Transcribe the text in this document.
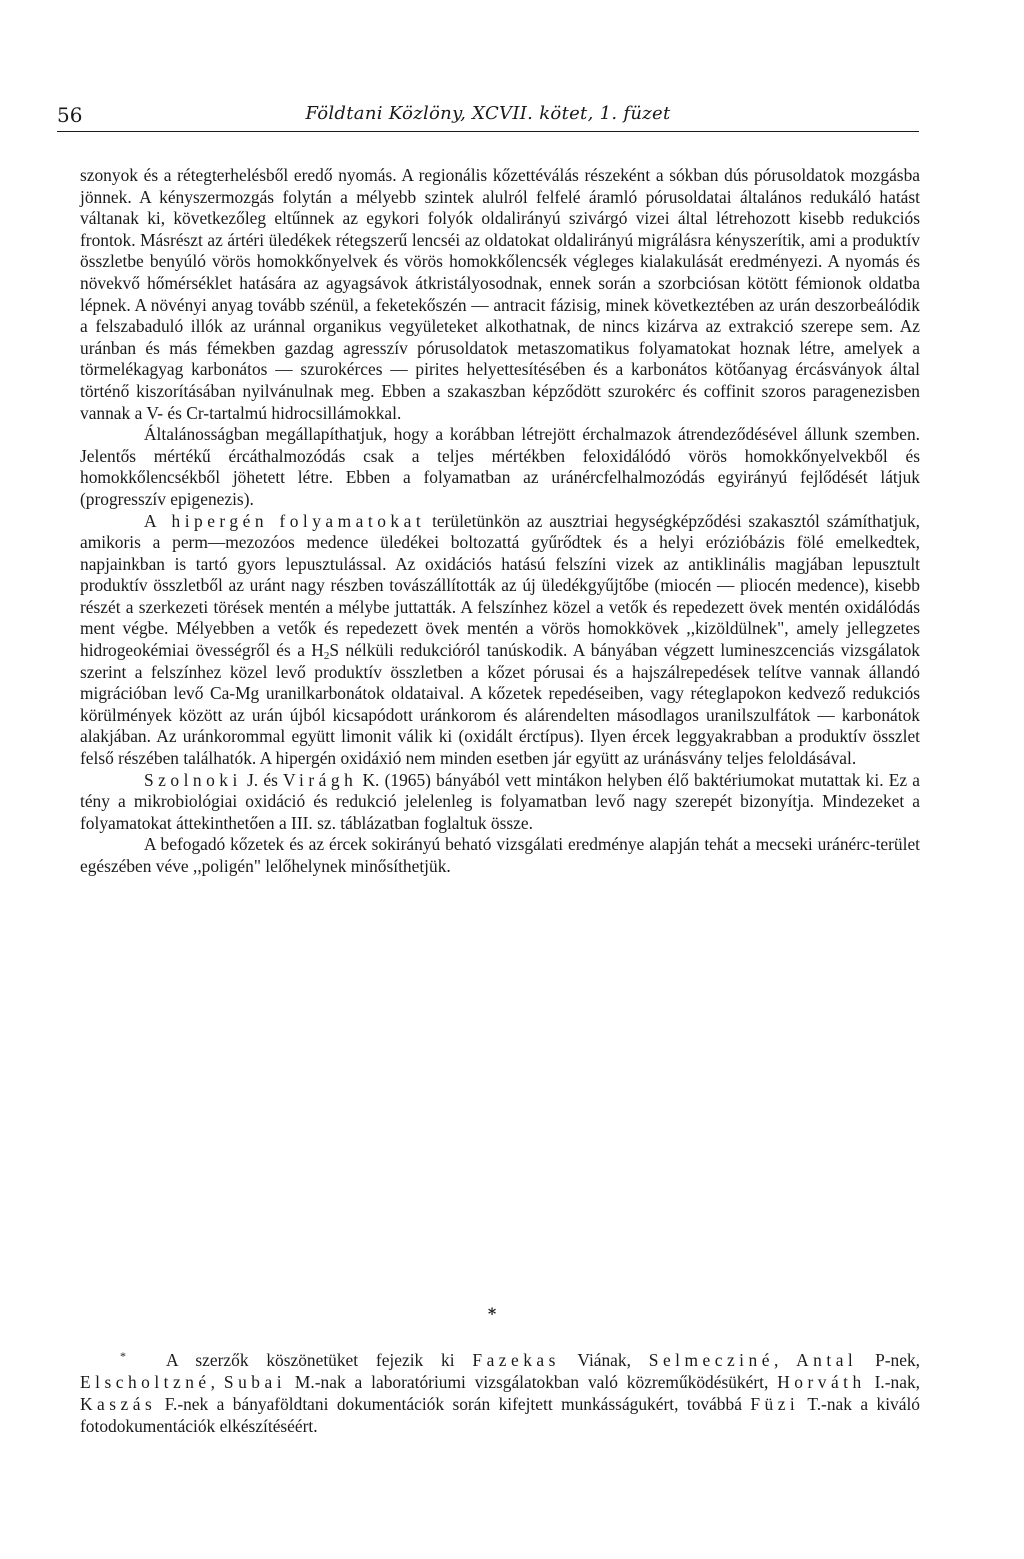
56	Földtani Közlöny, XCVII. kötet, 1. füzet

szonyok és a rétegterhelésből eredő nyomás. A regionális kőzettéválás részeként a sókban dús pórusoldatok mozgásba jönnek. A kényszermozgás folytán a mélyebb szintek alulról felfelé áramló pórusoldatai általános redukáló hatást váltanak ki, következőleg eltűnnek az egykori folyók oldalirányú szivárgó vizei által létrehozott kisebb redukciós frontok. Másrészt az ártéri üledékek rétegszerű lencséi az oldatokat oldalirányú migrálásra kényszerítik, ami a produktív összletbe benyúló vörös homokkőnyelvek és vörös homokkőlencsék végleges kialakulását eredményezi. A nyomás és növekvő hőmérséklet hatására az agyagsávok átkristályosodnak, ennek során a szorbciósan kötött fémionok oldatba lépnek. A növényi anyag tovább szénül, a feketekőszén — antracit fázisig, minek következtében az urán deszorbeálódik a felszabaduló illók az uránnal organikus vegyületeket alkothatnak, de nincs kizárva az extrakció szerepe sem. Az uránban és más fémekben gazdag agresszív pórusoldatok metaszomatikus folyamatokat hoznak létre, amelyek a törmelékagyag karbonátos — szurokérces — pirites helyettesítésében és a karbonátos kötőanyag ércásványok által történő kiszorításában nyilvánulnak meg. Ebben a szakaszban képződött szurokérc és coffinit szoros paragenezisben vannak a V- és Cr-tartalmú hidrocsillámokkal.

Általánosságban megállapíthatjuk, hogy a korábban létrejött érchalmazok átrendeződésével állunk szemben. Jelentős mértékű ércáthalmozódás csak a teljes mértékben feloxidálódó vörös homokkőnyelvekből és homokkőlencsékből jöhetett létre. Ebben a folyamatban az uránércfelhalmozódás egyirányú fejlődését látjuk (progresszív epigenezis).

A hipergén folyamatokat területünkön az ausztriai hegységképződési szakasztól számíthatjuk, amikoris a perm––mezozóos medence üledékei boltozattá gyűrődtek és a helyi erózióbázis fölé emelkedtek, napjainkban is tartó gyors lepusztulással. Az oxidációs hatású felszíni vizek az antiklinális magjában lepusztult produktív összletből az uránt nagy részben továszállították az új üledékgyűjtőbe (miocén — pliocén medence), kisebb részét a szerkezeti törések mentén a mélybe juttatták. A felszínhez közel a vetők és repedezett övek mentén oxidálódás ment végbe. Mélyebben a vetők és repedezett övek mentén a vörös homokkövek ,,kizöldülnek", amely jellegzetes hidrogeokémiai övességről és a $H_2S$ nélküli redukcióról tanúskodik. A bányában végzett lumineszcenciás vizsgálatok szerint a felszínhez közel levő produktív összletben a kőzet pórusai és a hajszálrepedések telítve vannak állandó migrációban levő Ca-Mg uranilkarbonátok oldataival. A kőzetek repedéseiben, vagy réteglapokon kedvező redukciós körülmények között az urán újból kicsapódott uránkorom és alárendelten másodlagos uranilszulfátok — karbonátok alakjában. Az uránkorommal együtt limonit válik ki (oxidált érctípus). Ilyen ércek leggyakrabban a produktív összlet felső részében találhatók. A hipergén oxidáxió nem minden esetben jár együtt az uránásvány teljes feloldásával.

Szolnoki J. és Virágh K. (1965) bányából vett mintákon helyben élő baktériumokat mutattak ki. Ez a tény a mikrobiológiai oxidáció és redukció jelelenleg is folyamatban levő nagy szerepét bizonyítja. Mindezeket a folyamatokat áttekinthetően a III. sz. táblázatban foglaltuk össze.

A befogadó kőzetek és az ércek sokirányú beható vizsgálati eredménye alapján tehát a mecseki uránérc-terület egészében véve ,,poligén" lelőhelynek minősíthetjük.

*

* A szerzők köszönetüket fejezik ki Fazekas Viának, Selmeczіné, Antal P-nek, Elscholtzné, Subai M.-nak a laboratóriumi vizsgálatokban való közreműködésükért, Horváth I.-nak, Kaszás F.-nek a bányaföldtani dokumentációk során kifejtett munkásságukért, továbbá Füzi T.-nak a kiváló fotodokumentációk elkészítéséért.
